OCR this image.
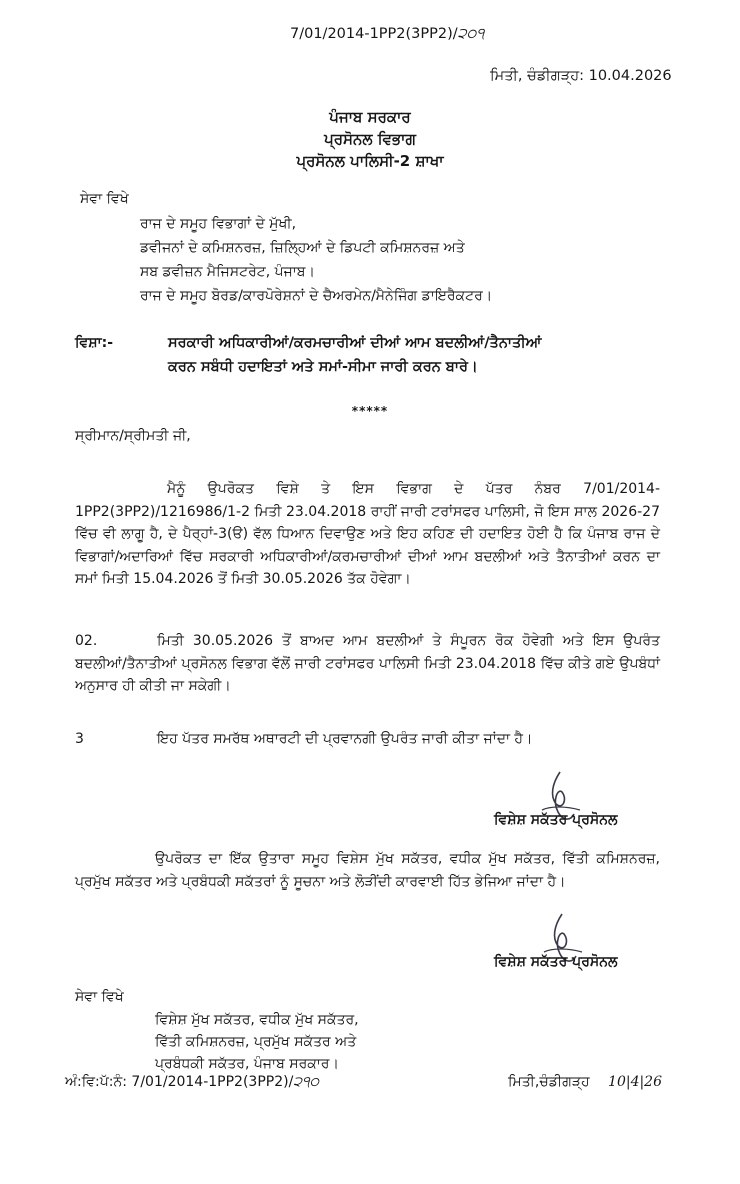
7/01/2014-1PP2(3PP2)/੨੦੧
ਮਿਤੀ, ਚੰਡੀਗੜ੍ਹ: 10.04.2026
ਪੰਜਾਬ ਸਰਕਾਰ
ਪ੍ਰਸੋਨਲ ਵਿਭਾਗ
ਪ੍ਰਸੋਨਲ ਪਾਲਿਸੀ-2 ਸ਼ਾਖਾ
ਸੇਵਾ ਵਿਖੇ
ਰਾਜ ਦੇ ਸਮੂਹ ਵਿਭਾਗਾਂ ਦੇ ਮੁੱਖੀ,
ਡਵੀਜਨਾਂ ਦੇ ਕਮਿਸ਼ਨਰਜ਼, ਜ਼ਿਲ੍ਹਿਆਂ ਦੇ ਡਿਪਟੀ ਕਮਿਸ਼ਨਰਜ਼ ਅਤੇ
ਸਬ ਡਵੀਜ਼ਨ ਮੈਜਿਸਟਰੇਟ, ਪੰਜਾਬ।
ਰਾਜ ਦੇ ਸਮੂਹ ਬੋਰਡ/ਕਾਰਪੋਰੇਸ਼ਨਾਂ ਦੇ ਚੈਅਰਮੇਨ/ਮੈਨੇਜਿੰਗ ਡਾਇਰੈਕਟਰ।
ਵਿਸ਼ਾ:-	ਸਰਕਾਰੀ ਅਧਿਕਾਰੀਆਂ/ਕਰਮਚਾਰੀਆਂ ਦੀਆਂ ਆਮ ਬਦਲੀਆਂ/ਤੈਨਾਤੀਆਂ
ਕਰਨ ਸਬੰਧੀ ਹਦਾਇਤਾਂ ਅਤੇ ਸਮਾਂ-ਸੀਮਾ ਜਾਰੀ ਕਰਨ ਬਾਰੇ।
*****
ਸ੍ਰੀਮਾਨ/ਸ੍ਰੀਮਤੀ ਜੀ,
ਮੈਨੂੰ ਉਪਰੋਕਤ ਵਿਸ਼ੇ ਤੇ ਇਸ ਵਿਭਾਗ ਦੇ ਪੱਤਰ ਨੰਬਰ 7/01/2014-1PP2(3PP2)/1216986/1-2 ਮਿਤੀ 23.04.2018 ਰਾਹੀਂ ਜਾਰੀ ਟਰਾਂਸਫਰ ਪਾਲਿਸੀ, ਜੋ ਇਸ ਸਾਲ 2026-27 ਵਿੱਚ ਵੀ ਲਾਗੂ ਹੈ, ਦੇ ਪੈਰ੍ਹਾਂ-3(ੳ) ਵੱਲ ਧਿਆਨ ਦਿਵਾਉਣ ਅਤੇ ਇਹ ਕਹਿਣ ਦੀ ਹਦਾਇਤ ਹੋਈ ਹੈ ਕਿ ਪੰਜਾਬ ਰਾਜ ਦੇ ਵਿਭਾਗਾਂ/ਅਦਾਰਿਆਂ ਵਿੱਚ ਸਰਕਾਰੀ ਅਧਿਕਾਰੀਆਂ/ਕਰਮਚਾਰੀਆਂ ਦੀਆਂ ਆਮ ਬਦਲੀਆਂ ਅਤੇ ਤੈਨਾਤੀਆਂ ਕਰਨ ਦਾ ਸਮਾਂ ਮਿਤੀ 15.04.2026 ਤੋਂ ਮਿਤੀ 30.05.2026 ਤੱਕ ਹੋਵੇਗਾ।
02.	ਮਿਤੀ 30.05.2026 ਤੋਂ ਬਾਅਦ ਆਮ ਬਦਲੀਆਂ ਤੇ ਸੰਪੂਰਨ ਰੋਕ ਹੋਵੇਗੀ ਅਤੇ ਇਸ ਉਪਰੰਤ ਬਦਲੀਆਂ/ਤੈਨਾਤੀਆਂ ਪ੍ਰਸੋਨਲ ਵਿਭਾਗ ਵੱਲੋਂ ਜਾਰੀ ਟਰਾਂਸਫਰ ਪਾਲਿਸੀ ਮਿਤੀ 23.04.2018 ਵਿੱਚ ਕੀਤੇ ਗਏ ਉਪਬੰਧਾਂ ਅਨੁਸਾਰ ਹੀ ਕੀਤੀ ਜਾ ਸਕੇਗੀ।
3	ਇਹ ਪੱਤਰ ਸਮਰੱਥ ਅਥਾਰਟੀ ਦੀ ਪ੍ਰਵਾਨਗੀ ਉਪਰੰਤ ਜਾਰੀ ਕੀਤਾ ਜਾਂਦਾ ਹੈ।
ਵਿਸ਼ੇਸ਼ ਸਕੱਤਰ ਪ੍ਰਸੋਨਲ
ਉਪਰੋਕਤ ਦਾ ਇੱਕ ਉਤਾਰਾ ਸਮੂਹ ਵਿਸ਼ੇਸ ਮੁੱਖ ਸਕੱਤਰ, ਵਧੀਕ ਮੁੱਖ ਸਕੱਤਰ, ਵਿੱਤੀ ਕਮਿਸ਼ਨਰਜ਼, ਪ੍ਰਮੁੱਖ ਸਕੱਤਰ ਅਤੇ ਪ੍ਰਬੰਧਕੀ ਸਕੱਤਰਾਂ ਨੂੰ ਸੂਚਨਾ ਅਤੇ ਲੋੜੀਂਦੀ ਕਾਰਵਾਈ ਹਿੱਤ ਭੇਜਿਆ ਜਾਂਦਾ ਹੈ।
ਵਿਸ਼ੇਸ਼ ਸਕੱਤਰ ਪ੍ਰਸੋਨਲ
ਸੇਵਾ ਵਿਖੇ
ਵਿਸ਼ੇਸ਼ ਮੁੱਖ ਸਕੱਤਰ, ਵਧੀਕ ਮੁੱਖ ਸਕੱਤਰ,
ਵਿੱਤੀ ਕਮਿਸ਼ਨਰਜ਼, ਪ੍ਰਮੁੱਖ ਸਕੱਤਰ ਅਤੇ
ਪ੍ਰਬੰਧਕੀ ਸਕੱਤਰ, ਪੰਜਾਬ ਸਰਕਾਰ।
ਅੰ:ਵਿ:ਪੱ:ਨੰ: 7/01/2014-1PP2(3PP2)/੨੧੦	ਮਿਤੀ,ਚੰਡੀਗੜ੍ਹ 10|4|26
